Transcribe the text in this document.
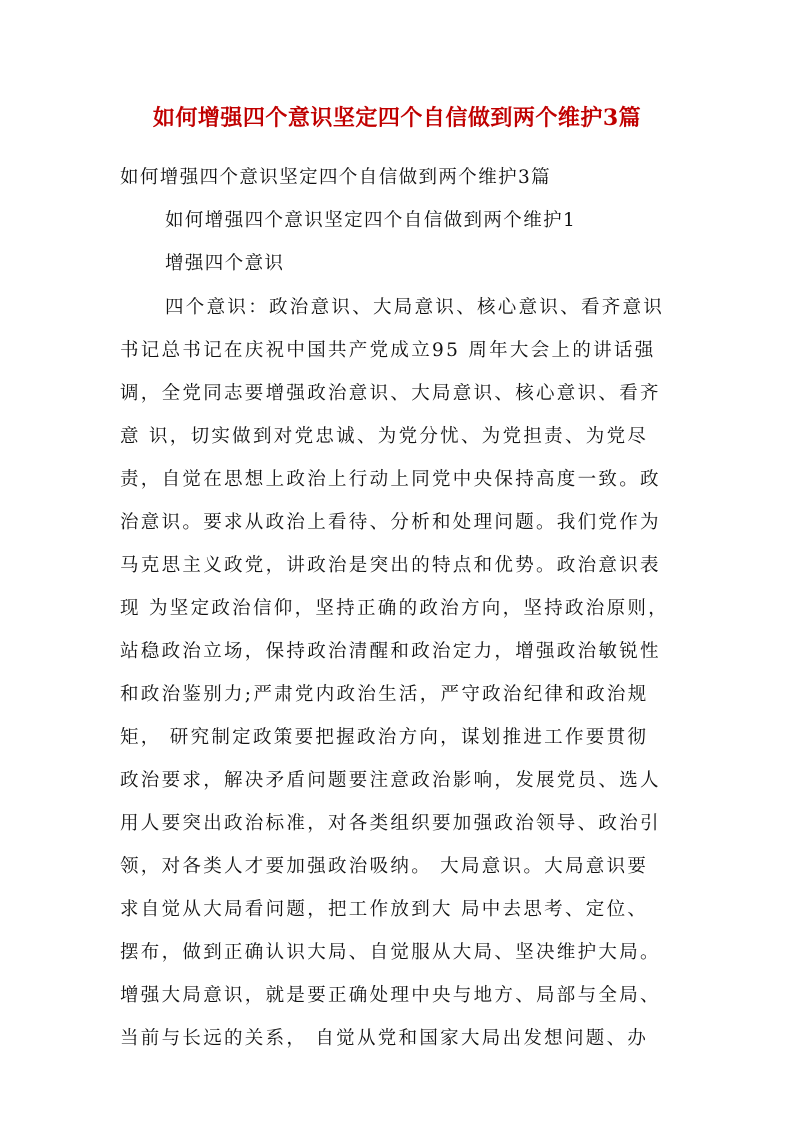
如何增强四个意识坚定四个自信做到两个维护3篇
如何增强四个意识坚定四个自信做到两个维护3篇
如何增强四个意识坚定四个自信做到两个维护1
增强四个意识
四个意识：政治意识、大局意识、核心意识、看齐意识
书记总书记在庆祝中国共产党成立95 周年大会上的讲话强
调，全党同志要增强政治意识、大局意识、核心意识、看齐
意 识，切实做到对党忠诚、为党分忧、为党担责、为党尽
责，自觉在思想上政治上行动上同党中央保持高度一致。政
治意识。要求从政治上看待、分析和处理问题。我们党作为
马克思主义政党，讲政治是突出的特点和优势。政治意识表
现 为坚定政治信仰，坚持正确的政治方向，坚持政治原则，
站稳政治立场，保持政治清醒和政治定力，增强政治敏锐性
和政治鉴别力;严肃党内政治生活，严守政治纪律和政治规
矩， 研究制定政策要把握政治方向，谋划推进工作要贯彻
政治要求，解决矛盾问题要注意政治影响，发展党员、选人
用人要突出政治标准，对各类组织要加强政治领导、政治引
领，对各类人才要加强政治吸纳。 大局意识。大局意识要
求自觉从大局看问题，把工作放到大 局中去思考、定位、
摆布，做到正确认识大局、自觉服从大局、坚决维护大局。
增强大局意识，就是要正确处理中央与地方、局部与全局、
当前与长远的关系， 自觉从党和国家大局出发想问题、办
